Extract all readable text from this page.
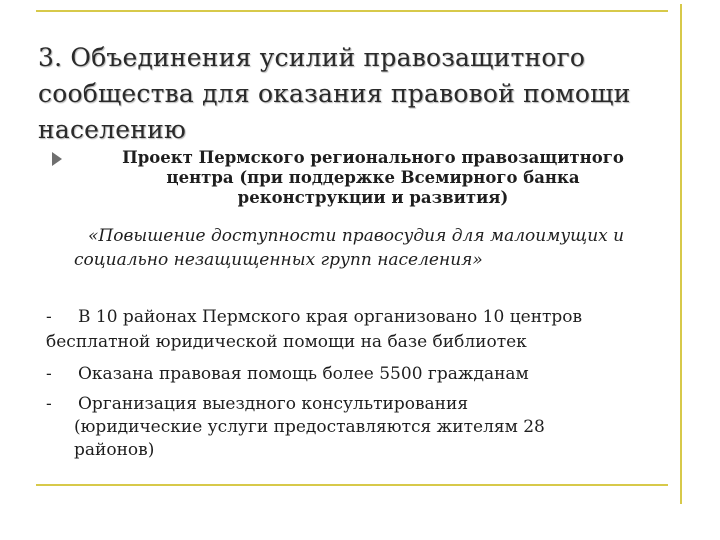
3. Объединения усилий правозащитного
сообщества для оказания правовой помощи
населению

Проект Пермского регионального правозащитного
центра (при поддержке Всемирного банка
реконструкции и развития)

«Повышение доступности правосудия для малоимущих и
социально незащищенных групп населения»

- В 10 районах Пермского края организовано 10 центров

бесплатной юридической помощи на базе библиотек

- Оказана правовая помощь более 5500 гражданам

- Организация выездного консультирования

(юридические услуги предоставляются жителям 28

районов)
